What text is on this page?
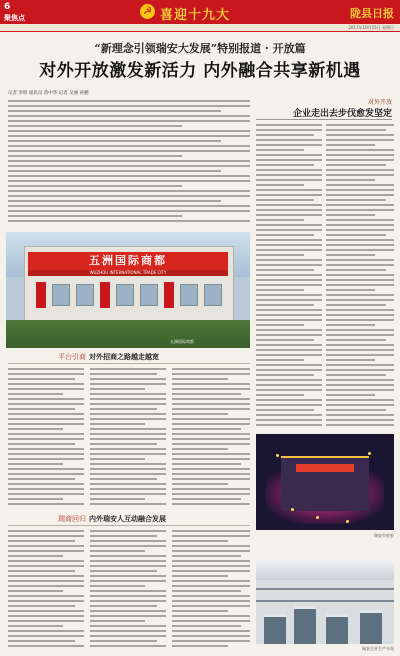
6
聚焦点
☭ 喜迎十九大	陇县日报
2017年10月15日 星期日
“新理念引领瑞安大发展”特别报道 · 开放篇
对外开放激发新活力 内外融合共享新机遇
记者 李明 通讯员 蒋中华 记者 吴丽 孙鹏
对外开放
企业走出去步伐愈发坚定
五洲国际商都
WUZHOU INTERNATIONAL TRADE CITY
五洲国际商都
平台引商 对外招商之路越走越宽
瑞安市夜景
瑞商回归 内外瑞安人互动融合发展
瑞安企业生产车间
